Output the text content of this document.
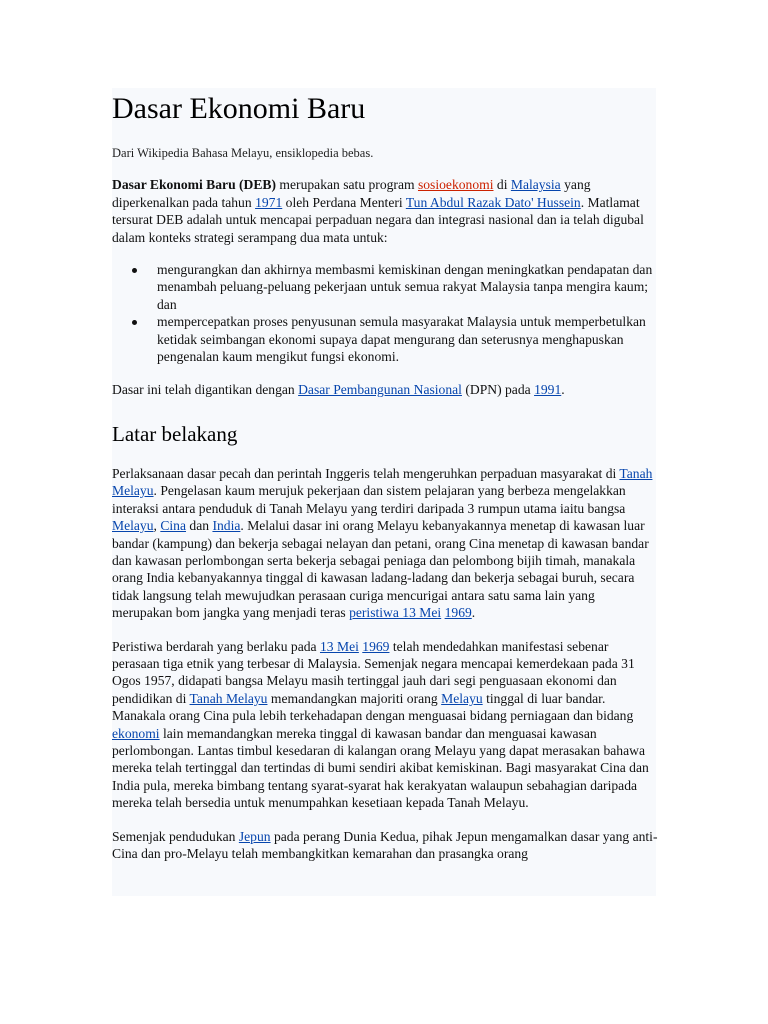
Dasar Ekonomi Baru
Dari Wikipedia Bahasa Melayu, ensiklopedia bebas.

Dasar Ekonomi Baru (DEB) merupakan satu program sosioekonomi di Malaysia yang diperkenalkan pada tahun 1971 oleh Perdana Menteri Tun Abdul Razak Dato' Hussein. Matlamat tersurat DEB adalah untuk mencapai perpaduan negara dan integrasi nasional dan ia telah digubal dalam konteks strategi serampang dua mata untuk:

mengurangkan dan akhirnya membasmi kemiskinan dengan meningkatkan pendapatan dan menambah peluang-peluang pekerjaan untuk semua rakyat Malaysia tanpa mengira kaum; dan
mempercepatkan proses penyusunan semula masyarakat Malaysia untuk memperbetulkan ketidak seimbangan ekonomi supaya dapat mengurang dan seterusnya menghapuskan pengenalan kaum mengikut fungsi ekonomi.

Dasar ini telah digantikan dengan Dasar Pembangunan Nasional (DPN) pada 1991.

Latar belakang

Perlaksanaan dasar pecah dan perintah Inggeris telah mengeruhkan perpaduan masyarakat di Tanah Melayu. Pengelasan kaum merujuk pekerjaan dan sistem pelajaran yang berbeza mengelakkan interaksi antara penduduk di Tanah Melayu yang terdiri daripada 3 rumpun utama iaitu bangsa Melayu, Cina dan India. Melalui dasar ini orang Melayu kebanyakannya menetap di kawasan luar bandar (kampung) dan bekerja sebagai nelayan dan petani, orang Cina menetap di kawasan bandar dan kawasan perlombongan serta bekerja sebagai peniaga dan pelombong bijih timah, manakala orang India kebanyakannya tinggal di kawasan ladang-ladang dan bekerja sebagai buruh, secara tidak langsung telah mewujudkan perasaan curiga mencurigai antara satu sama lain yang merupakan bom jangka yang menjadi teras peristiwa 13 Mei 1969.

Peristiwa berdarah yang berlaku pada 13 Mei 1969 telah mendedahkan manifestasi sebenar perasaan tiga etnik yang terbesar di Malaysia. Semenjak negara mencapai kemerdekaan pada 31 Ogos 1957, didapati bangsa Melayu masih tertinggal jauh dari segi penguasaan ekonomi dan pendidikan di Tanah Melayu memandangkan majoriti orang Melayu tinggal di luar bandar. Manakala orang Cina pula lebih terkehadapan dengan menguasai bidang perniagaan dan bidang ekonomi lain memandangkan mereka tinggal di kawasan bandar dan menguasai kawasan perlombongan. Lantas timbul kesedaran di kalangan orang Melayu yang dapat merasakan bahawa mereka telah tertinggal dan tertindas di bumi sendiri akibat kemiskinan. Bagi masyarakat Cina dan India pula, mereka bimbang tentang syarat-syarat hak kerakyatan walaupun sebahagian daripada mereka telah bersedia untuk menumpahkan kesetiaan kepada Tanah Melayu.

Semenjak pendudukan Jepun pada perang Dunia Kedua, pihak Jepun mengamalkan dasar yang anti-Cina dan pro-Melayu telah membangkitkan kemarahan dan prasangka orang
